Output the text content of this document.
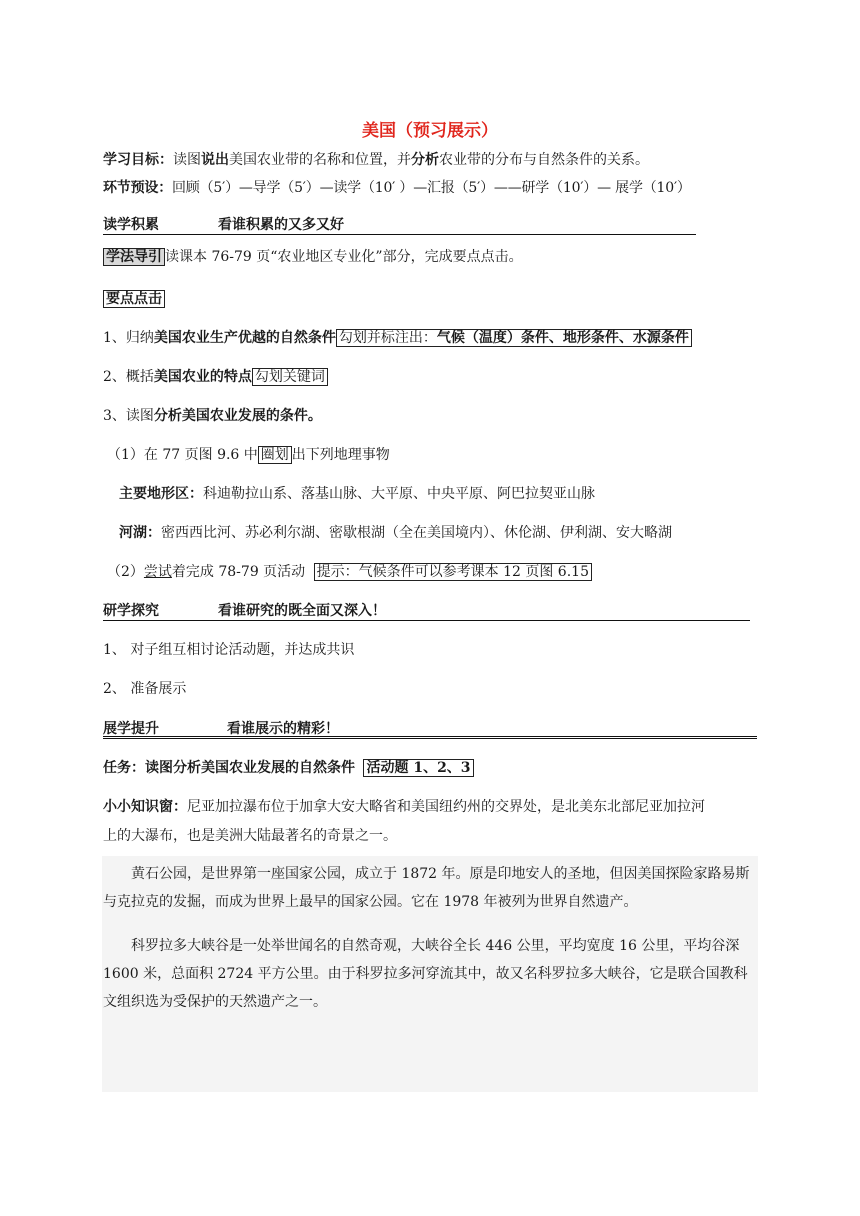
美国（预习展示）
学习目标：读图说出美国农业带的名称和位置，并分析农业带的分布与自然条件的关系。
环节预设：回顾（5′）—导学（5′）—读学（10′ ）—汇报（5′）——研学（10′）— 展学（10′）
读学积累	看谁积累的又多又好
学法导引 读课本 76-79 页“农业地区专业化”部分，完成要点点击。
要点点击
1、归纳美国农业生产优越的自然条件 勾划并标注出：气候（温度）条件、地形条件、水源条件
2、概括美国农业的特点 勾划关键词
3、读图分析美国农业发展的条件。
（1）在 77 页图 9.6 中 圈划 出下列地理事物
主要地形区：科迪勒拉山系、落基山脉、大平原、中央平原、阿巴拉契亚山脉
河湖：密西西比河、苏必利尔湖、密歇根湖（全在美国境内）、休伦湖、伊利湖、安大略湖
（2）尝试着完成 78-79 页活动 提示：气候条件可以参考课本 12 页图 6.15
研学探究	看谁研究的既全面又深入！
1、 对子组互相讨论活动题，并达成共识
2、 准备展示
展学提升	看谁展示的精彩！
任务：读图分析美国农业发展的自然条件 活动题 1、2、3
小小知识窗：尼亚加拉瀑布位于加拿大安大略省和美国纽约州的交界处，是北美东北部尼亚加拉河
上的大瀑布，也是美洲大陆最著名的奇景之一。
黄石公园，是世界第一座国家公园，成立于 1872 年。原是印地安人的圣地，但因美国探险家路易斯与克拉克的发掘，而成为世界上最早的国家公园。它在 1978 年被列为世界自然遗产。
科罗拉多大峡谷是一处举世闻名的自然奇观，大峡谷全长 446 公里，平均宽度 16 公里，平均谷深 1600 米，总面积 2724 平方公里。由于科罗拉多河穿流其中，故又名科罗拉多大峡谷，它是联合国教科文组织选为受保护的天然遗产之一。
